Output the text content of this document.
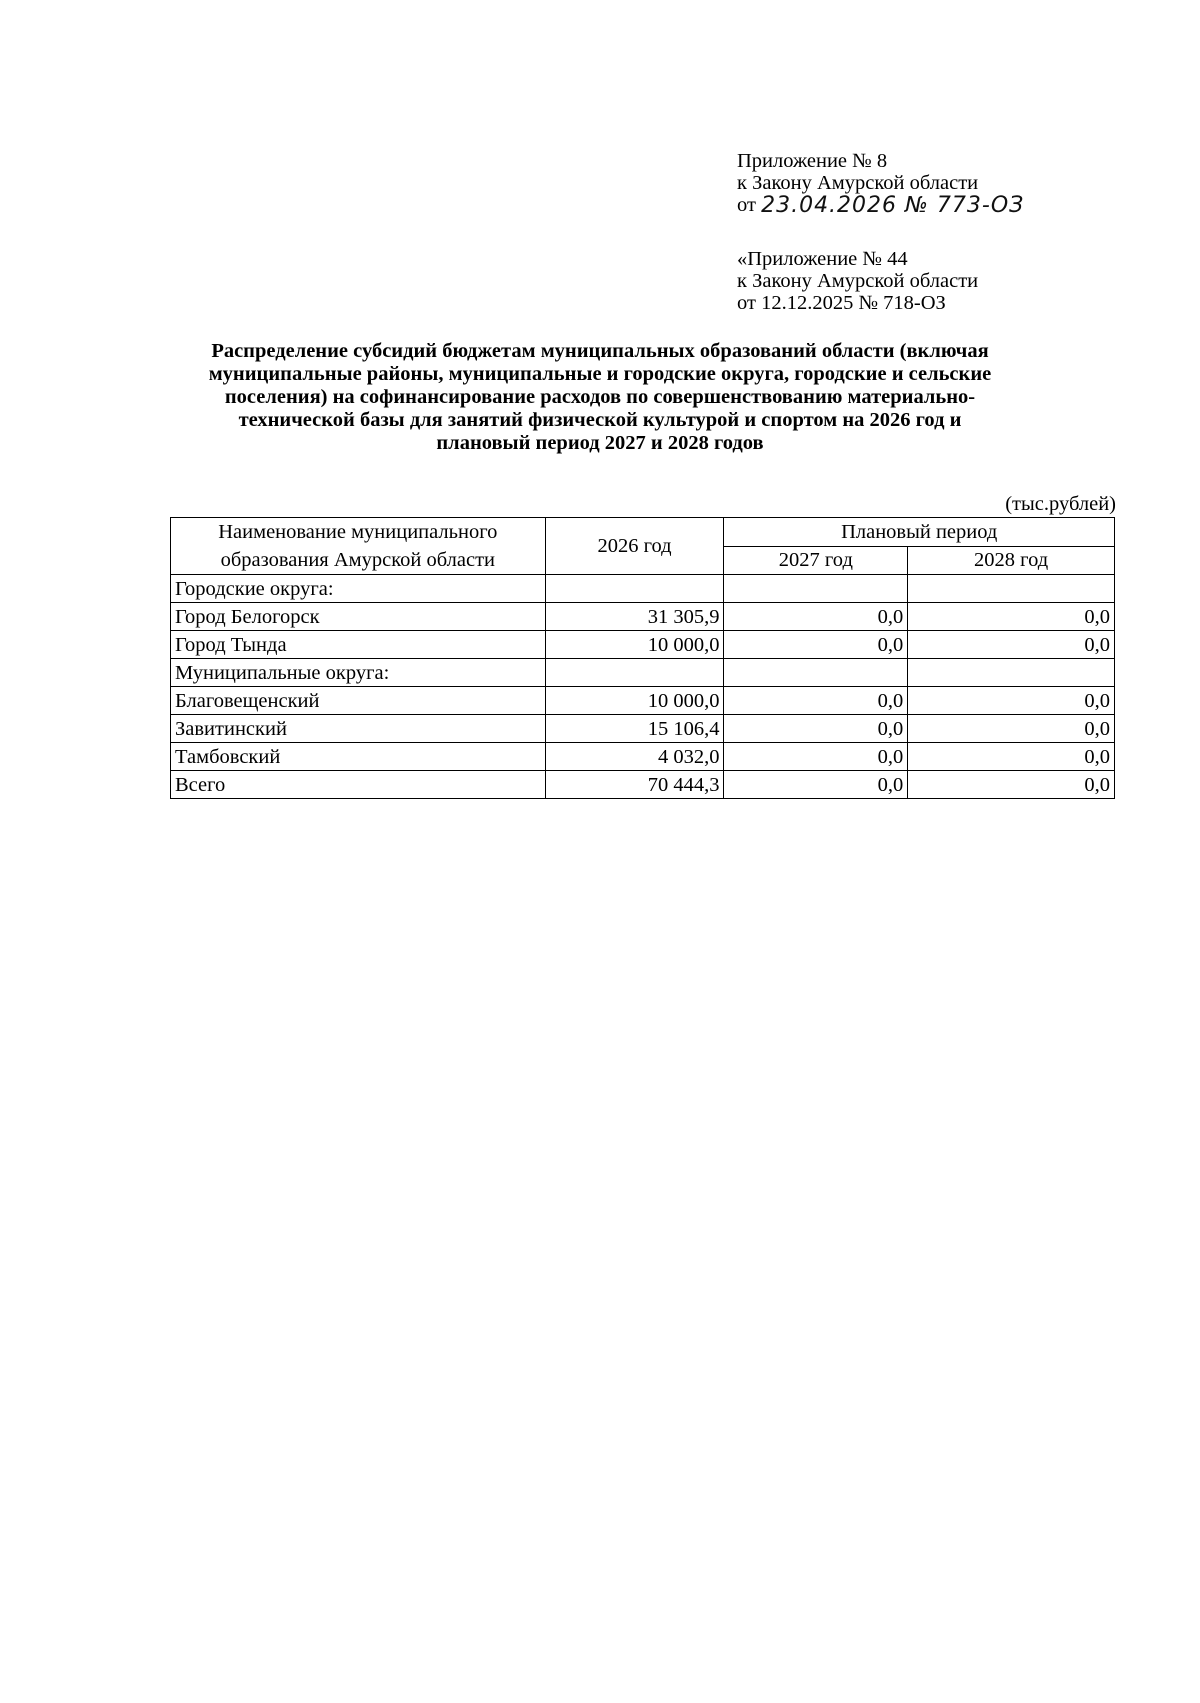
Приложение № 8
к Закону Амурской области
от 23.04.2026 № 773-ОЗ
«Приложение № 44
к Закону Амурской области
от 12.12.2025 № 718-ОЗ
Распределение субсидий бюджетам муниципальных образований области (включая
муниципальные районы, муниципальные и городские округа, городские и сельские
поселения) на софинансирование расходов по совершенствованию материально-
технической базы для занятий физической культурой и спортом на 2026 год и
плановый период 2027 и 2028 годов
(тыс.рублей)
Наименование муниципального
образования Амурской области	2026 год	Плановый период	
		2027 год	2028 год
Городские округа:			
Город Белогорск	31 305,9	0,0	0,0
Город Тында	10 000,0	0,0	0,0
Муниципальные округа:			
Благовещенский	10 000,0	0,0	0,0
Завитинский	15 106,4	0,0	0,0
Тамбовский	4 032,0	0,0	0,0
Всего	70 444,3	0,0	0,0
